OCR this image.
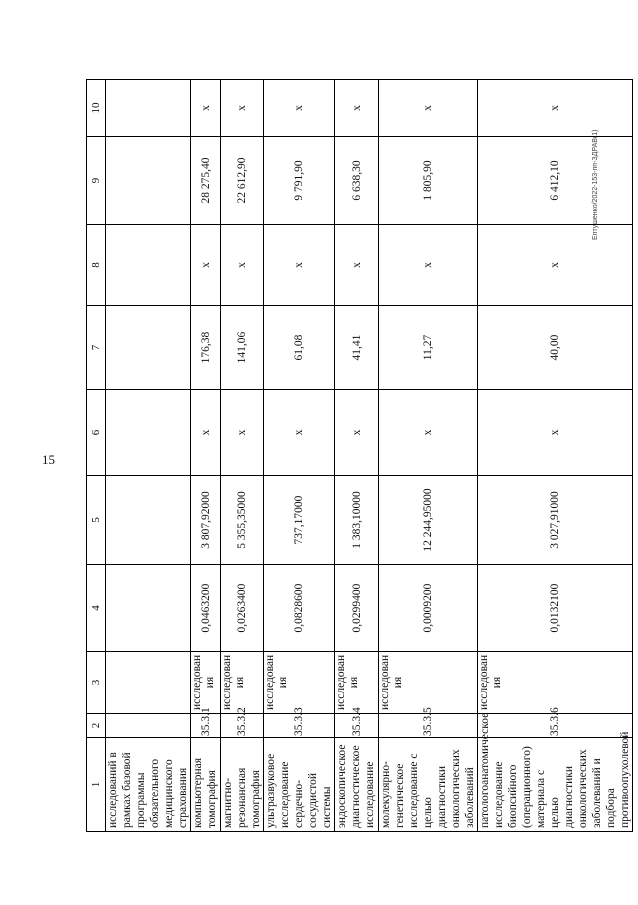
15
Ептушенко/2022-153-пп-ЗДРАВ(1)
1	2	3	4	5	6	7	8	9	10
исследований в рамках базовой программы обязательного медицинского страхования									
компьютерная томография	35.3.1	исследован ия	0,0463200	3 807,92000	х	176,38	х	28 275,40	х
магнитно-резонансная томография	35.3.2	исследован ия	0,0263400	5 355,35000	х	141,06	х	22 612,90	х
ультразвуковое исследование сердечно-сосудистой системы	35.3.3	исследован ия	0,0828600	737,17000	х	61,08	х	9 791,90	х
эндоскопическое диагностическое исследование	35.3.4	исследован ия	0,0299400	1 383,10000	х	41,41	х	6 638,30	х
молекулярно-генетическое исследование с целью диагностики онкологических заболеваний	35.3.5	исследован ия	0,0009200	12 244,95000	х	11,27	х	1 805,90	х
патологоанатомическое исследование биопсийного (операционного) материала с целью диагностики онкологических заболеваний и подбора противоопухолевой	35.3.6	исследован ия	0,0132100	3 027,91000	х	40,00	х	6 412,10	х
